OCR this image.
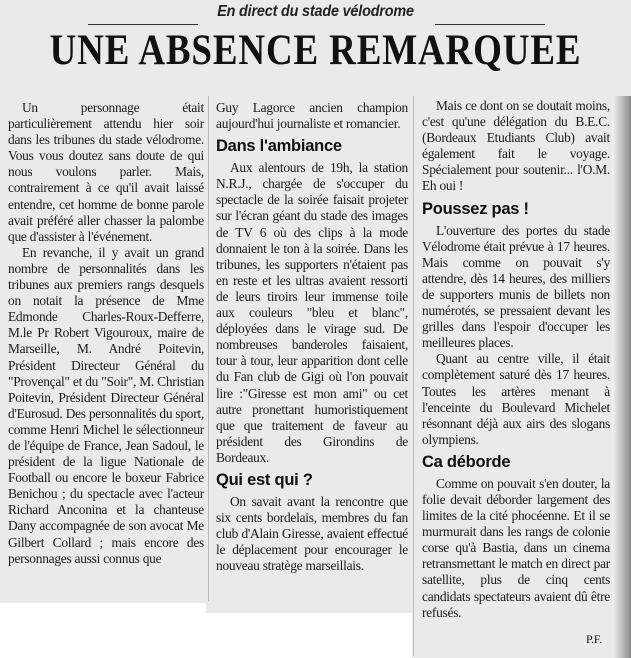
En direct du stade vélodrome
UNE ABSENCE REMARQUEE

Un personnage était particulièrement attendu hier soir dans les tribunes du stade vélodrome. Vous vous doutez sans doute de qui nous voulons parler. Mais, contrairement à ce qu'il avait laissé entendre, cet homme de bonne parole avait préféré aller chasser la palombe que d'assister à l'événement.

En revanche, il y avait un grand nombre de personnalités dans les tribunes aux premiers rangs desquels on notait la présence de Mme Edmonde Charles-Roux-Defferre, M.le Pr Robert Vigouroux, maire de Marseille, M. André Poitevin, Président Directeur Général du "Provençal" et du "Soir", M. Christian Poitevin, Président Directeur Général d'Eurosud. Des personnalités du sport, comme Henri Michel le sélectionneur de l'équipe de France, Jean Sadoul, le président de la ligue Nationale de Football ou encore le boxeur Fabrice Benichou ; du spectacle avec l'acteur Richard Anconina et la chanteuse Dany accompagnée de son avocat Me Gilbert Collard ; mais encore des personnages aussi connus que

Guy Lagorce ancien champion aujourd'hui journaliste et romancier.

Dans l'ambiance

Aux alentours de 19h, la station N.R.J., chargée de s'occuper du spectacle de la soirée faisait projeter sur l'écran géant du stade des images de TV 6 où des clips à la mode donnaient le ton à la soirée. Dans les tribunes, les supporters n'étaient pas en reste et les ultras avaient ressorti de leurs tiroirs leur immense toile aux couleurs "bleu et blanc", déployées dans le virage sud. De nombreuses banderoles faisaient, tour à tour, leur apparition dont celle du Fan club de Gigi où l'on pouvait lire :"Giresse est mon ami" ou cet autre pronettant humoristiquement que que traitement de faveur au président des Girondins de Bordeaux.

Qui est qui ?

On savait avant la rencontre que six cents bordelais, membres du fan club d'Alain Giresse, avaient effectué le déplacement pour encourager le nouveau stratège marseillais.

Mais ce dont on se doutait moins, c'est qu'une délégation du B.E.C. (Bordeaux Etudiants Club) avait également fait le voyage. Spécialement pour soutenir... l'O.M. Eh oui !

Poussez pas !

L'ouverture des portes du stade Vélodrome était prévue à 17 heures. Mais comme on pouvait s'y attendre, dès 14 heures, des milliers de supporters munis de billets non numérotés, se pressaient devant les grilles dans l'espoir d'occuper les meilleures places.

Quant au centre ville, il était complètement saturé dès 17 heures. Toutes les artères menant à l'enceinte du Boulevard Michelet résonnant déjà aux airs des slogans olympiens.

Ca déborde

Comme on pouvait s'en douter, la folie devait déborder largement des limites de la cité phocéenne. Et il se murmurait dans les rangs de colonie corse qu'à Bastia, dans un cinema retransmettant le match en direct par satellite, plus de cinq cents candidats spectateurs avaient dû être refusés.

P.F.
